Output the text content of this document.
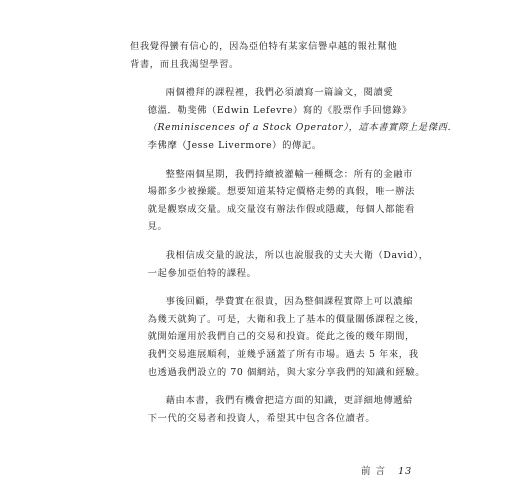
但我覺得蠻有信心的，因為亞伯特有某家信譽卓越的報社幫他
背書，而且我渴望學習。

兩個禮拜的課程裡，我們必須讀寫一篇論文，閱讀愛
德溫．勒斐佛（Edwin Lefevre）寫的《股票作手回憶錄》
（Reminiscences of a Stock Operator），這本書實際上是傑西．
李佛摩（Jesse Livermore）的傳記。

整整兩個星期，我們持續被灌輸一種概念：所有的金融市
場都多少被操縱。想要知道某特定價格走勢的真假，唯一辦法
就是觀察成交量。成交量沒有辦法作假或隱藏，每個人都能看
見。

我相信成交量的說法，所以也說服我的丈夫大衛（David），
一起參加亞伯特的課程。

事後回顧，學費實在很貴，因為整個課程實際上可以濃縮
為幾天就夠了。可是，大衛和我上了基本的價量關係課程之後，
就開始運用於我們自己的交易和投資。從此之後的幾年期間，
我們交易進展順利，並幾乎涵蓋了所有市場。過去 5 年來，我
也透過我們設立的 70 個網站，與大家分享我們的知識和經驗。

藉由本書，我們有機會把這方面的知識，更詳細地傳遞給
下一代的交易者和投資人，希望其中包含各位讀者。

前 言 13
